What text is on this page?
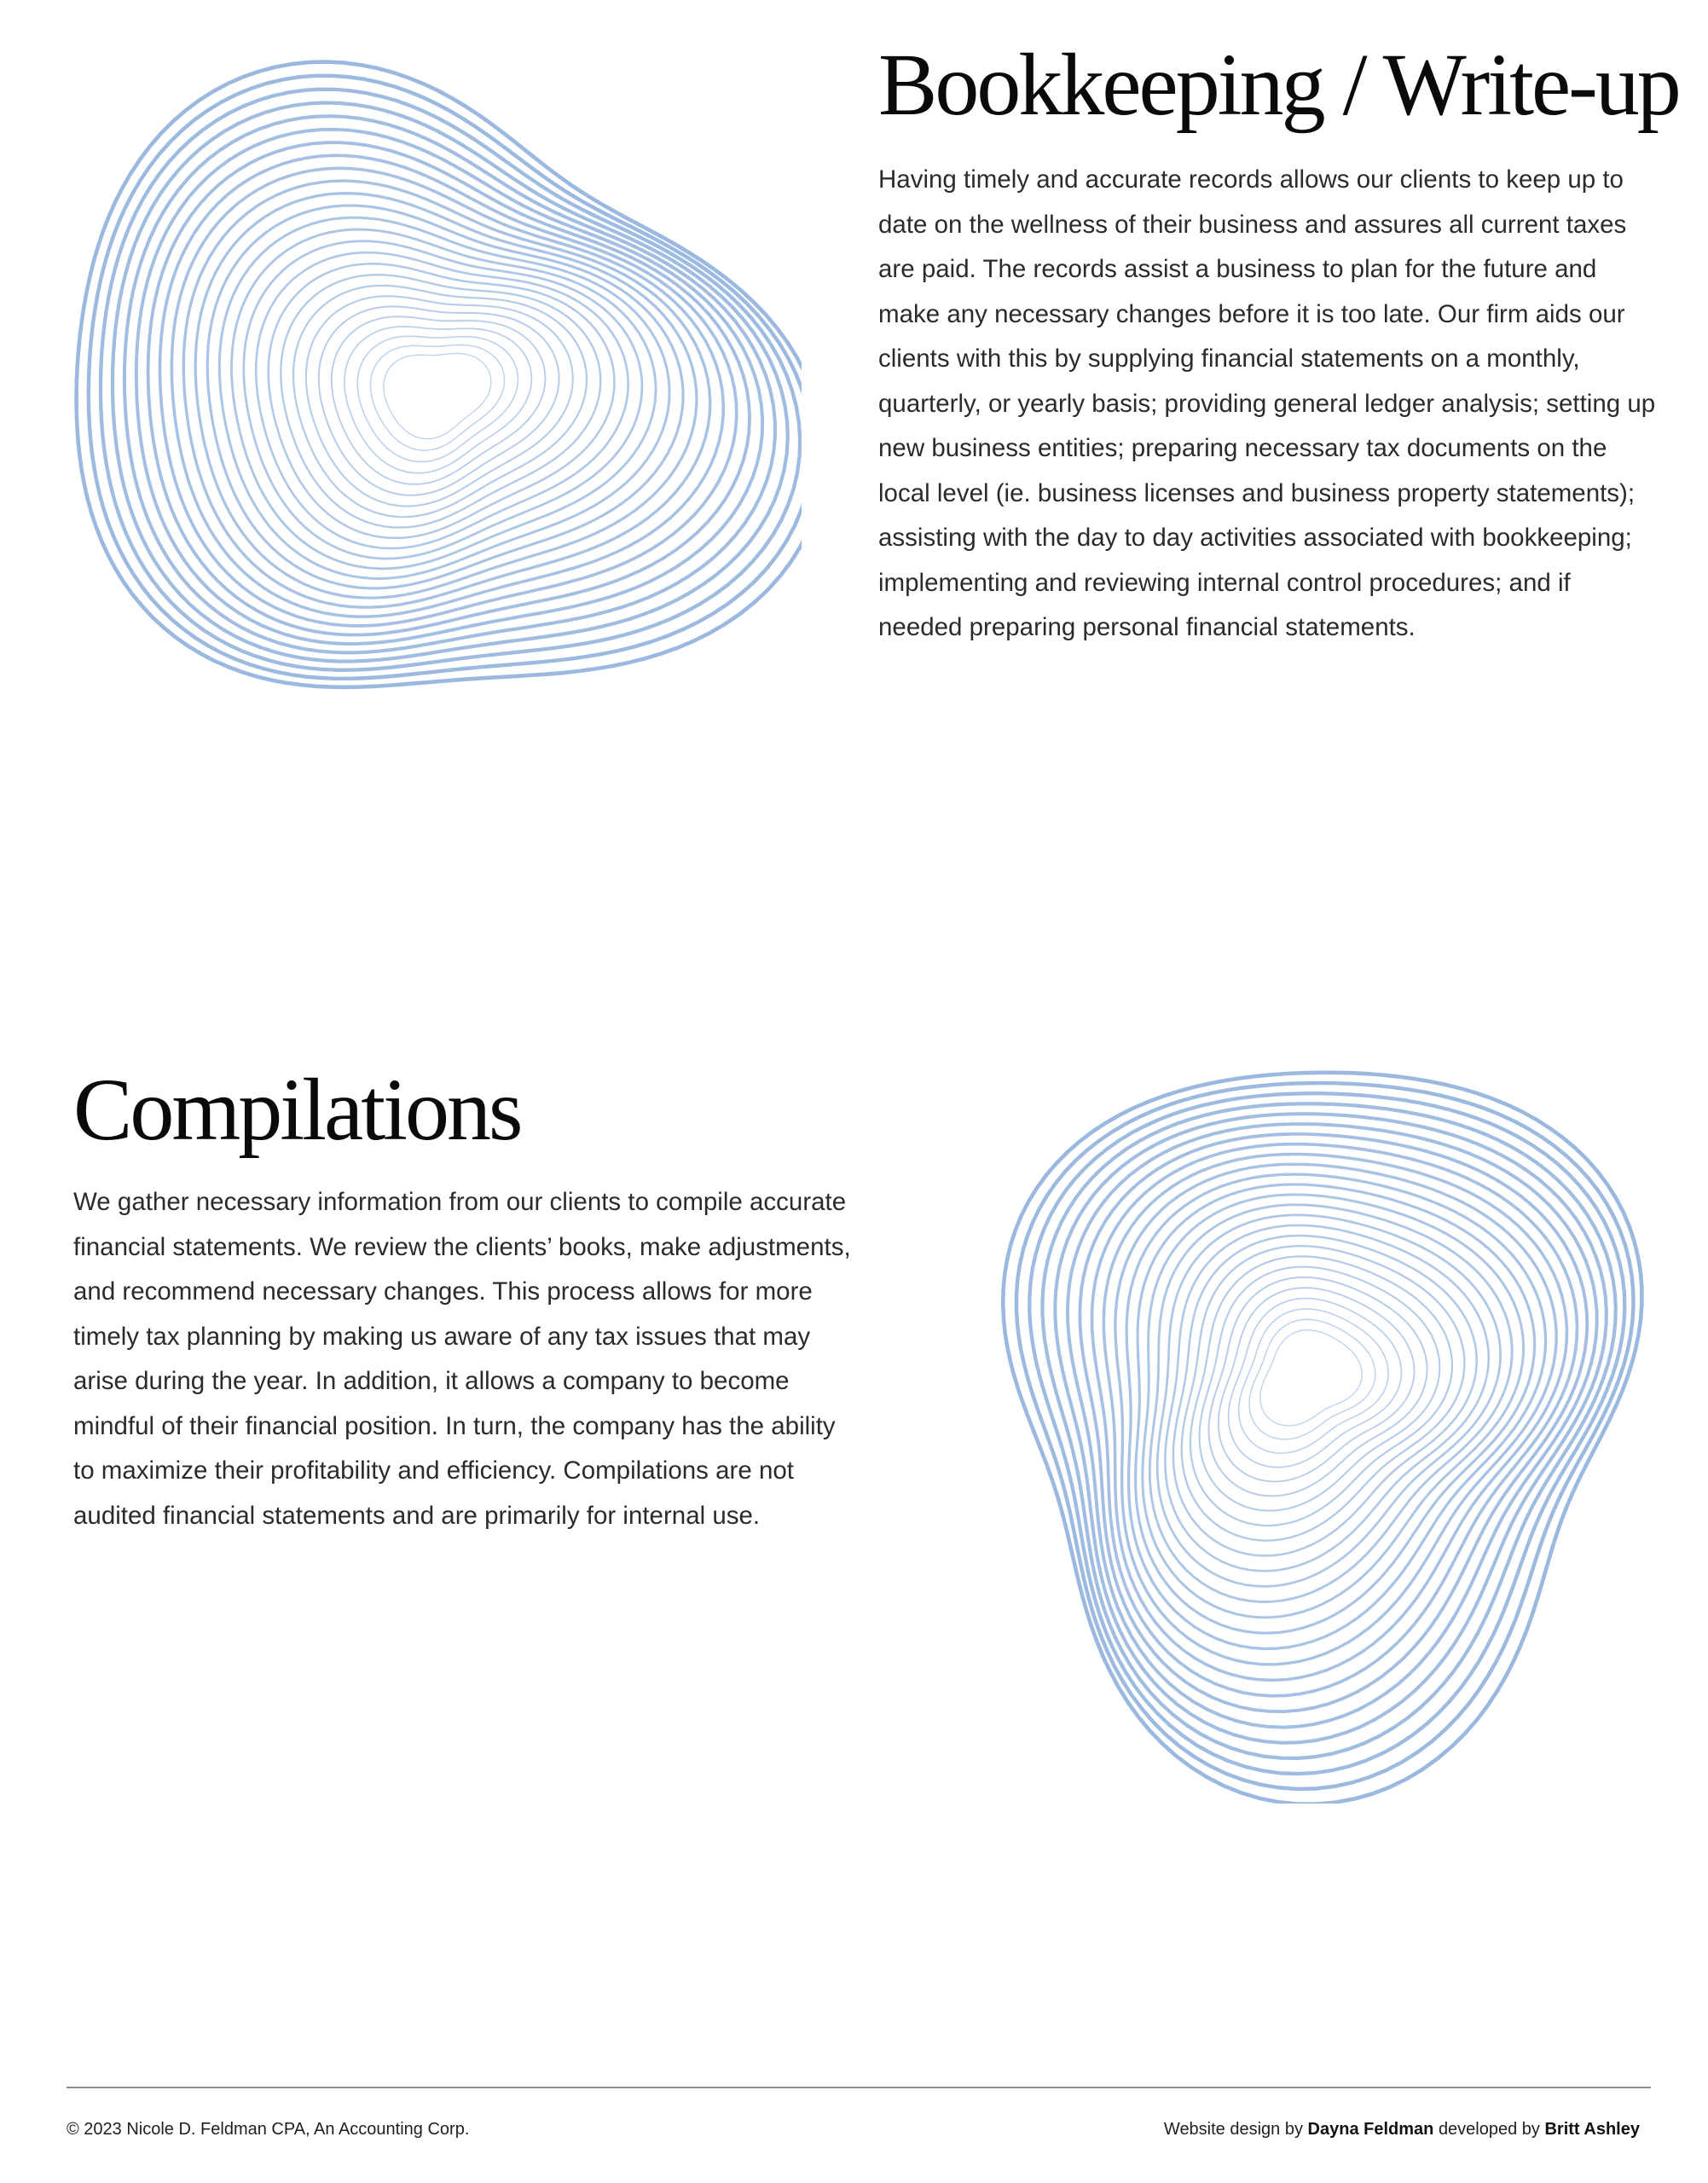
Bookkeeping / Write-up

Having timely and accurate records allows our clients to keep up to date on the wellness of their business and assures all current taxes are paid. The records assist a business to plan for the future and make any necessary changes before it is too late. Our firm aids our clients with this by supplying financial statements on a monthly, quarterly, or yearly basis; providing general ledger analysis; setting up new business entities; preparing necessary tax documents on the local level (ie. business licenses and business property statements); assisting with the day to day activities associated with bookkeeping; implementing and reviewing internal control procedures; and if needed preparing personal financial statements.

Compilations

We gather necessary information from our clients to compile accurate financial statements. We review the clients’ books, make adjustments, and recommend necessary changes. This process allows for more timely tax planning by making us aware of any tax issues that may arise during the year. In addition, it allows a company to become mindful of their financial position. In turn, the company has the ability to maximize their profitability and efficiency. Compilations are not audited financial statements and are primarily for internal use.

© 2023 Nicole D. Feldman CPA, An Accounting Corp.	Website design by Dayna Feldman developed by Britt Ashley
